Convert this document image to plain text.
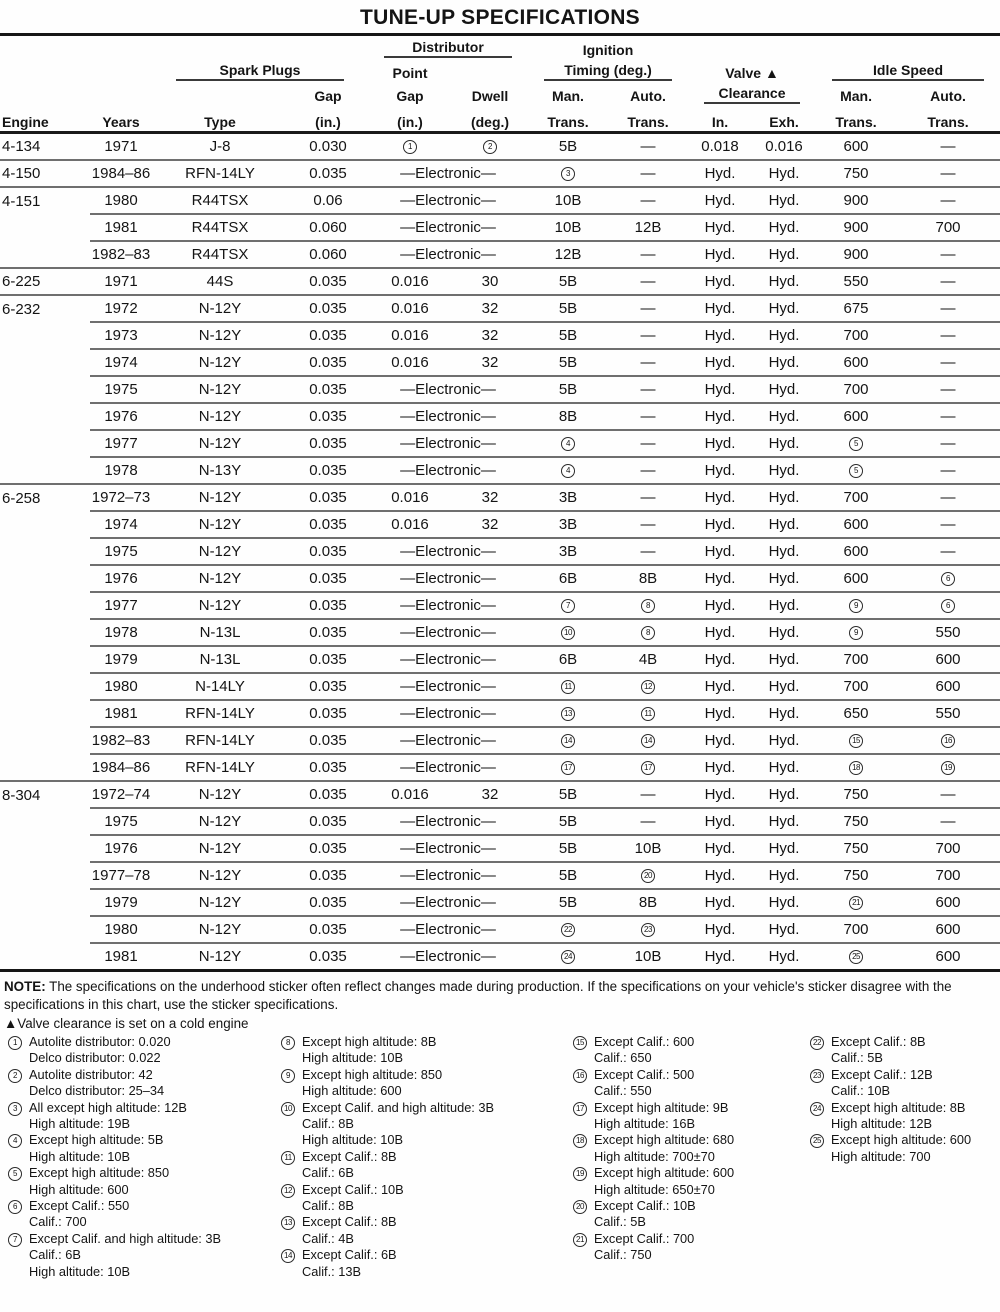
TUNE-UP SPECIFICATIONS

				Distributor		Ignition					

		Spark Plugs		Point		Timing (deg.)		Valve ▲		Idle Speed	

			Gap	Gap	Dwell	Man.	Auto.	Clearance		Man.	Auto.
Engine	Years	Type	(in.)	(in.)	(deg.)	Trans.	Trans.	In.	Exh.	Trans.	Trans.
4-134	1971	J-8	0.030	1	2	5B	—	0.018	0.016	600	—
4-150	1984–86	RFN-14LY	0.035	—Electronic—		3	—	Hyd.	Hyd.	750	—
4-151	1980	R44TSX	0.06	—Electronic—		10B	—	Hyd.	Hyd.	900	—
	1981	R44TSX	0.060	—Electronic—		10B	12B	Hyd.	Hyd.	900	700
	1982–83	R44TSX	0.060	—Electronic—		12B	—	Hyd.	Hyd.	900	—
6-225	1971	44S	0.035	0.016	30	5B	—	Hyd.	Hyd.	550	—
6-232	1972	N-12Y	0.035	0.016	32	5B	—	Hyd.	Hyd.	675	—
	1973	N-12Y	0.035	0.016	32	5B	—	Hyd.	Hyd.	700	—
	1974	N-12Y	0.035	0.016	32	5B	—	Hyd.	Hyd.	600	—
	1975	N-12Y	0.035	—Electronic—		5B	—	Hyd.	Hyd.	700	—
	1976	N-12Y	0.035	—Electronic—		8B	—	Hyd.	Hyd.	600	—
	1977	N-12Y	0.035	—Electronic—		4	—	Hyd.	Hyd.	5	—
	1978	N-13Y	0.035	—Electronic—		4	—	Hyd.	Hyd.	5	—
6-258	1972–73	N-12Y	0.035	0.016	32	3B	—	Hyd.	Hyd.	700	—
	1974	N-12Y	0.035	0.016	32	3B	—	Hyd.	Hyd.	600	—
	1975	N-12Y	0.035	—Electronic—		3B	—	Hyd.	Hyd.	600	—
	1976	N-12Y	0.035	—Electronic—		6B	8B	Hyd.	Hyd.	600	6
	1977	N-12Y	0.035	—Electronic—		7	8	Hyd.	Hyd.	9	6
	1978	N-13L	0.035	—Electronic—		10	8	Hyd.	Hyd.	9	550
	1979	N-13L	0.035	—Electronic—		6B	4B	Hyd.	Hyd.	700	600
	1980	N-14LY	0.035	—Electronic—		11	12	Hyd.	Hyd.	700	600
	1981	RFN-14LY	0.035	—Electronic—		13	11	Hyd.	Hyd.	650	550
	1982–83	RFN-14LY	0.035	—Electronic—		14	14	Hyd.	Hyd.	15	16
	1984–86	RFN-14LY	0.035	—Electronic—		17	17	Hyd.	Hyd.	18	19
8-304	1972–74	N-12Y	0.035	0.016	32	5B	—	Hyd.	Hyd.	750	—
	1975	N-12Y	0.035	—Electronic—		5B	—	Hyd.	Hyd.	750	—
	1976	N-12Y	0.035	—Electronic—		5B	10B	Hyd.	Hyd.	750	700
	1977–78	N-12Y	0.035	—Electronic—		5B	20	Hyd.	Hyd.	750	700
	1979	N-12Y	0.035	—Electronic—		5B	8B	Hyd.	Hyd.	21	600
	1980	N-12Y	0.035	—Electronic—		22	23	Hyd.	Hyd.	700	600
	1981	N-12Y	0.035	—Electronic—		24	10B	Hyd.	Hyd.	25	600
NOTE: The specifications on the underhood sticker often reflect changes made during production. If the specifications on your vehicle's sticker disagree with the specifications in this chart, use the sticker specifications.
▲Valve clearance is set on a cold engine
1 Autolite distributor: 0.020
Delco distributor: 0.022
2 Autolite distributor: 42
Delco distributor: 25–34
3 All except high altitude: 12B
High altitude: 19B
4 Except high altitude: 5B
High altitude: 10B
5 Except high altitude: 850
High altitude: 600
6 Except Calif.: 550
Calif.: 700
7 Except Calif. and high altitude: 3B
Calif.: 6B
High altitude: 10B
8 Except high altitude: 8B
High altitude: 10B
9 Except high altitude: 850
High altitude: 600
10 Except Calif. and high altitude: 3B
Calif.: 8B
High altitude: 10B
11 Except Calif.: 8B
Calif.: 6B
12 Except Calif.: 10B
Calif.: 8B
13 Except Calif.: 8B
Calif.: 4B
14 Except Calif.: 6B
Calif.: 13B
15 Except Calif.: 600
Calif.: 650
16 Except Calif.: 500
Calif.: 550
17 Except high altitude: 9B
High altitude: 16B
18 Except high altitude: 680
High altitude: 700±70
19 Except high altitude: 600
High altitude: 650±70
20 Except Calif.: 10B
Calif.: 5B
21 Except Calif.: 700
Calif.: 750
22 Except Calif.: 8B
Calif.: 5B
23 Except Calif.: 12B
Calif.: 10B
24 Except high altitude: 8B
High altitude: 12B
25 Except high altitude: 600
High altitude: 700
